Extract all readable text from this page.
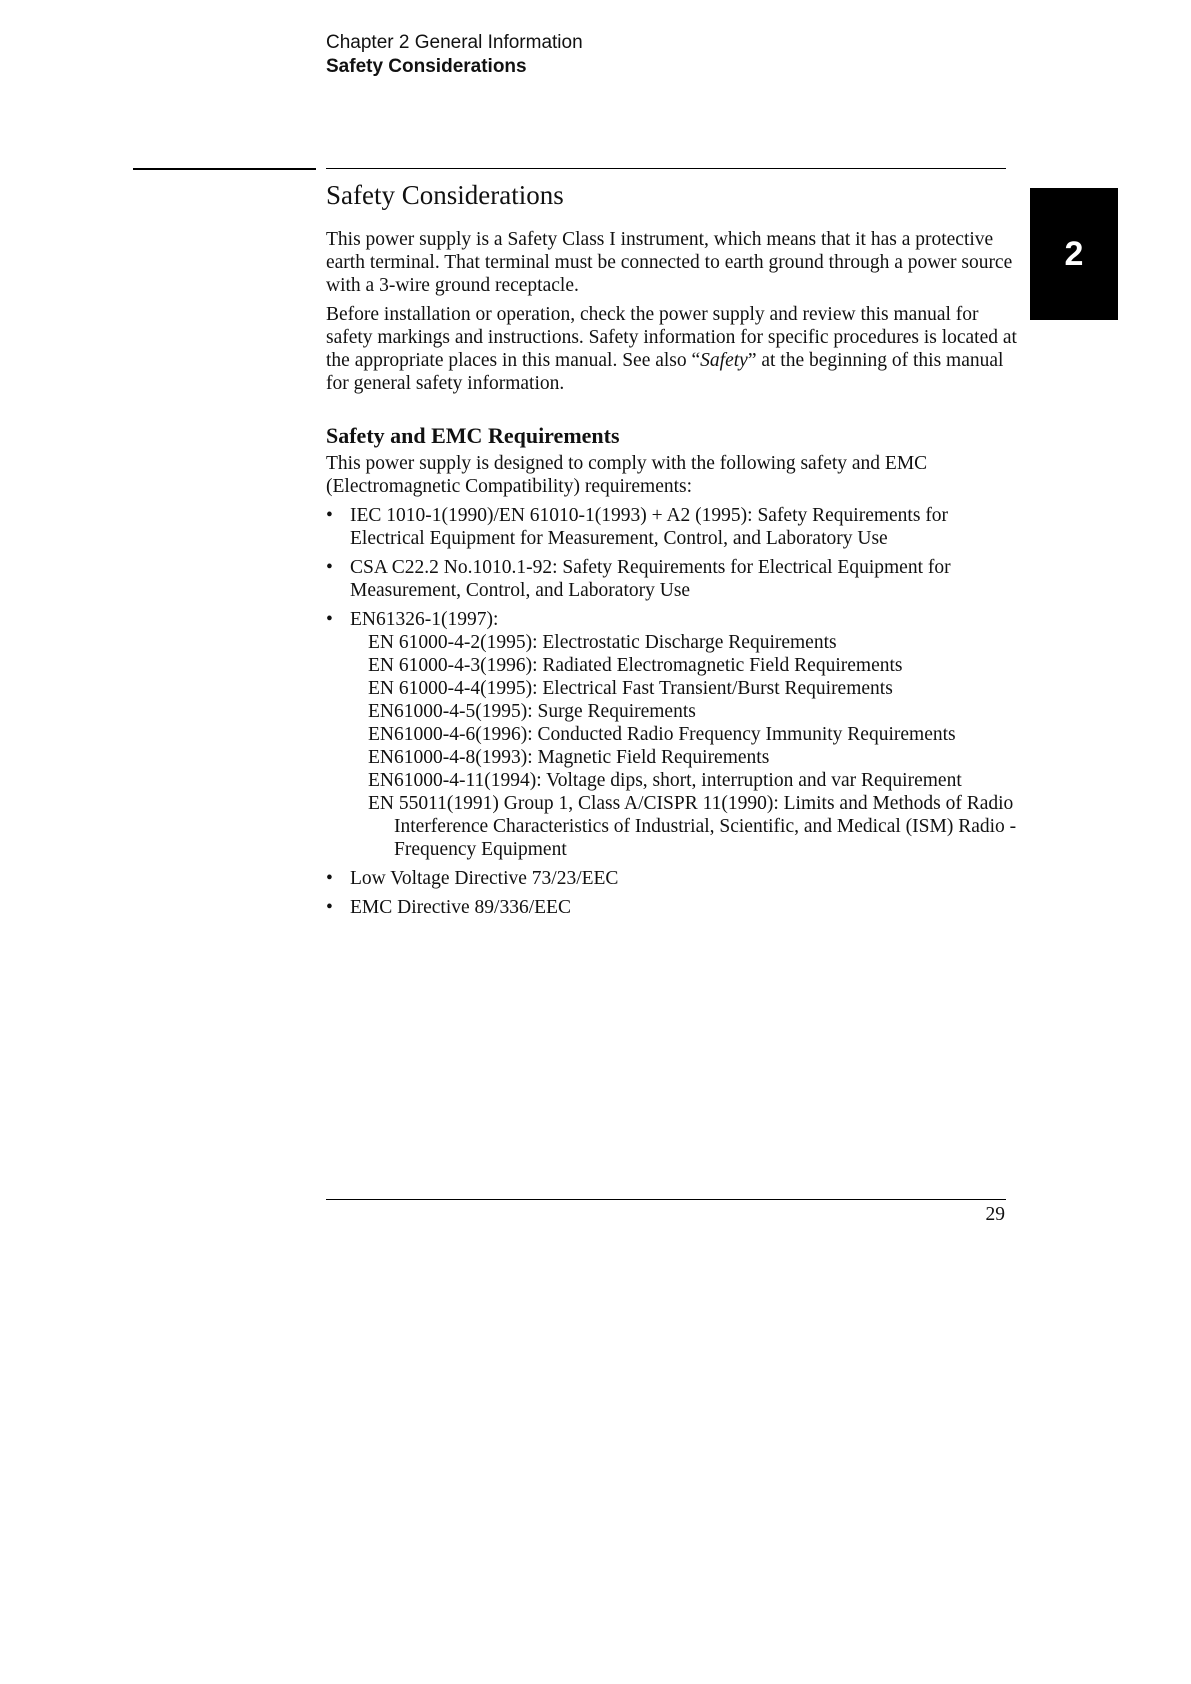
Chapter 2 General Information
Safety Considerations
2
Safety Considerations

This power supply is a Safety Class I instrument, which means that it has a protective earth terminal. That terminal must be connected to earth ground through a power source with a 3-wire ground receptacle.

Before installation or operation, check the power supply and review this manual for safety markings and instructions. Safety information for specific procedures is located at the appropriate places in this manual. See also “Safety” at the beginning of this manual for general safety information.

Safety and EMC Requirements

This power supply is designed to comply with the following safety and EMC (Electromagnetic Compatibility) requirements:

• IEC 1010-1(1990)/EN 61010-1(1993) + A2 (1995): Safety Requirements for Electrical Equipment for Measurement, Control, and Laboratory Use
• CSA C22.2 No.1010.1-92: Safety Requirements for Electrical Equipment for Measurement, Control, and Laboratory Use
• EN61326-1(1997):
EN 61000-4-2(1995): Electrostatic Discharge Requirements
EN 61000-4-3(1996): Radiated Electromagnetic Field Requirements
EN 61000-4-4(1995): Electrical Fast Transient/Burst Requirements
EN61000-4-5(1995): Surge Requirements
EN61000-4-6(1996): Conducted Radio Frequency Immunity Requirements
EN61000-4-8(1993): Magnetic Field Requirements
EN61000-4-11(1994): Voltage dips, short, interruption and var Requirement
EN 55011(1991) Group 1, Class A/CISPR 11(1990): Limits and Methods of Radio Interference Characteristics of Industrial, Scientific, and Medical (ISM) Radio - Frequency Equipment
• Low Voltage Directive 73/23/EEC
• EMC Directive 89/336/EEC
29
